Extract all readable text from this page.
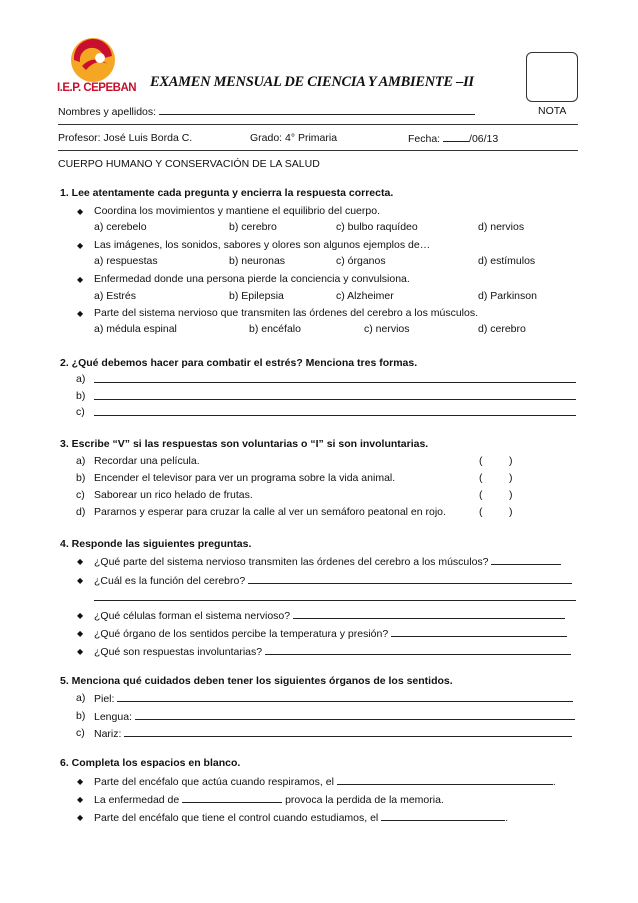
I.E.P. CEPEBAN EXAMEN MENSUAL DE CIENCIA Y AMBIENTE –II
Nombres y apellidos:	NOTA
Profesor: José Luis Borda C.	Grado: 4° Primaria	Fecha: /06/13
CUERPO HUMANO Y CONSERVACIÓN DE LA SALUD
1. Lee atentamente cada pregunta y encierra la respuesta correcta.
◆ Coordina los movimientos y mantiene el equilibrio del cuerpo.
a) cerebelo	b) cerebro	c) bulbo raquídeo	d) nervios
◆ Las imágenes, los sonidos, sabores y olores son algunos ejemplos de…
a) respuestas	b) neuronas	c) órganos	d) estímulos
◆ Enfermedad donde una persona pierde la conciencia y convulsiona.
a) Estrés	b) Epilepsia	c) Alzheimer	d) Parkinson
◆ Parte del sistema nervioso que transmiten las órdenes del cerebro a los músculos.
a) médula espinal	b) encéfalo	c) nervios	d) cerebro
2. ¿Qué debemos hacer para combatir el estrés? Menciona tres formas.
a)
b)
c)
3. Escribe “V” si las respuestas son voluntarias o “I” si son involuntarias.
a) Recordar una película.	(	)
b) Encender el televisor para ver un programa sobre la vida animal.	(	)
c) Saborear un rico helado de frutas.	(	)
d) Pararnos y esperar para cruzar la calle al ver un semáforo peatonal en rojo.	(	)
4. Responde las siguientes preguntas.
◆ ¿Qué parte del sistema nervioso transmiten las órdenes del cerebro a los músculos?
◆ ¿Cuál es la función del cerebro?
◆ ¿Qué células forman el sistema nervioso?
◆ ¿Qué órgano de los sentidos percibe la temperatura y presión?
◆ ¿Qué son respuestas involuntarias?
5. Menciona qué cuidados deben tener los siguientes órganos de los sentidos.
a) Piel:
b) Lengua:
c) Nariz:
6. Completa los espacios en blanco.
◆ Parte del encéfalo que actúa cuando respiramos, el	.
◆ La enfermedad de	provoca la perdida de la memoria.
◆ Parte del encéfalo que tiene el control cuando estudiamos, el	.
